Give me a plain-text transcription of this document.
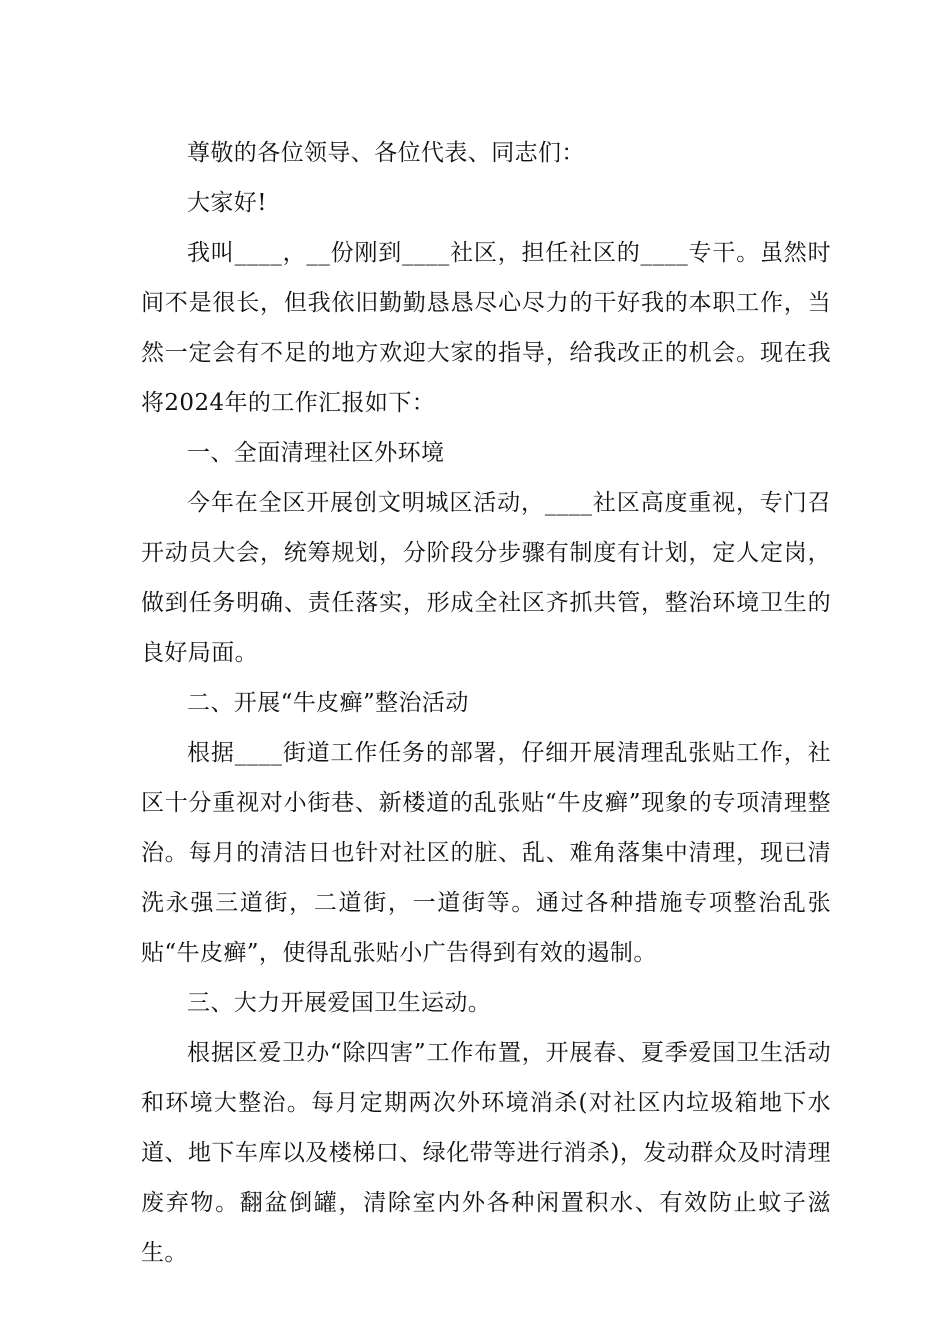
尊敬的各位领导、各位代表、同志们：

大家好!

我叫____，__份刚到____社区，担任社区的____专干。虽然时间不是很长，但我依旧勤勤恳恳尽心尽力的干好我的本职工作，当然一定会有不足的地方欢迎大家的指导，给我改正的机会。现在我将2024年的工作汇报如下：

一、全面清理社区外环境

今年在全区开展创文明城区活动，____社区高度重视，专门召开动员大会，统筹规划，分阶段分步骤有制度有计划，定人定岗，做到任务明确、责任落实，形成全社区齐抓共管，整治环境卫生的良好局面。

二、开展“牛皮癣”整治活动

根据____街道工作任务的部署，仔细开展清理乱张贴工作，社区十分重视对小街巷、新楼道的乱张贴“牛皮癣”现象的专项清理整治。每月的清洁日也针对社区的脏、乱、难角落集中清理，现已清洗永强三道街，二道街，一道街等。通过各种措施专项整治乱张贴“牛皮癣”，使得乱张贴小广告得到有效的遏制。

三、大力开展爱国卫生运动。

根据区爱卫办“除四害”工作布置，开展春、夏季爱国卫生活动和环境大整治。每月定期两次外环境消杀(对社区内垃圾箱地下水道、地下车库以及楼梯口、绿化带等进行消杀)，发动群众及时清理废弃物。翻盆倒罐，清除室内外各种闲置积水、有效防止蚊子滋生。
